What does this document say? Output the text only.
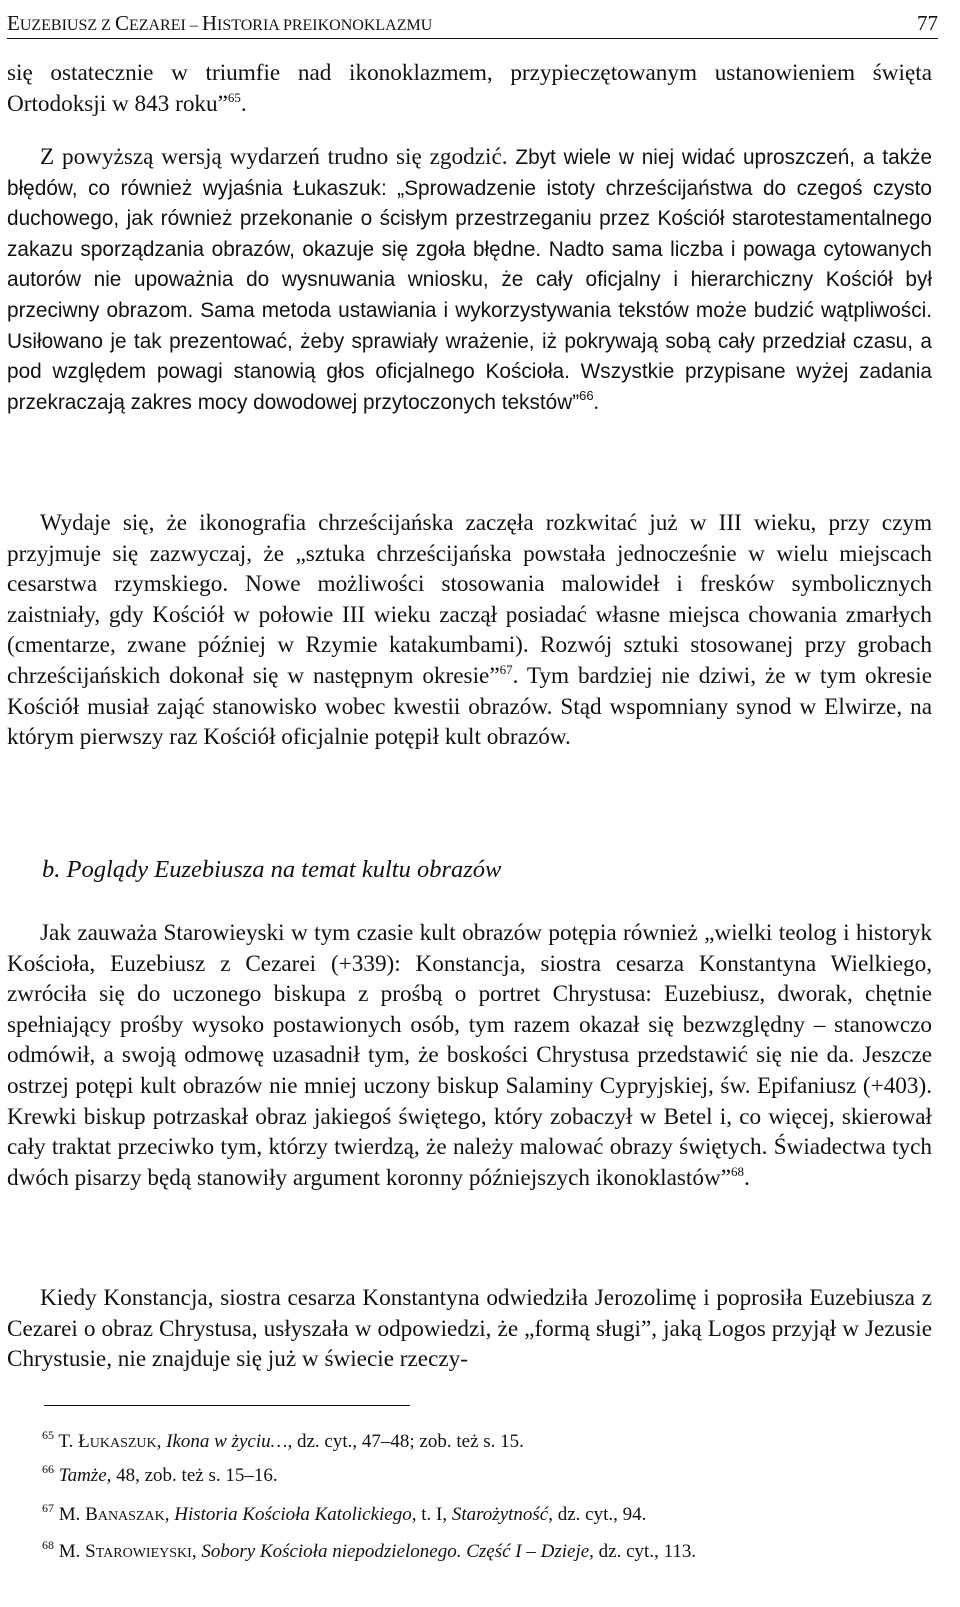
EUZEBIUSZ Z CEZAREI – HISTORIA PREIKONOKLAZMU	77

się ostatecznie w triumfie nad ikonoklazmem, przypieczętowanym ustanowieniem święta Ortodoksji w 843 roku”$^{65}$.

Z powyższą wersją wydarzeń trudno się zgodzić. Zbyt wiele w niej widać uproszczeń, a także błędów, co również wyjaśnia Łukaszuk: „Sprowadzenie istoty chrześcijaństwa do czegoś czysto duchowego, jak również przekonanie o ścisłym przestrzeganiu przez Kościół starotestamentalnego zakazu sporządzania obrazów, okazuje się zgoła błędne. Nadto sama liczba i powaga cytowanych autorów nie upoważnia do wysnuwania wniosku, że cały oficjalny i hierarchiczny Kościół był przeciwny obrazom. Sama metoda ustawiania i wykorzystywania tekstów może budzić wątpliwości. Usiłowano je tak prezentować, żeby sprawiały wrażenie, iż pokrywają sobą cały przedział czasu, a pod względem powagi stanowią głos oficjalnego Kościoła. Wszystkie przypisane wyżej zadania przekraczają zakres mocy dowodowej przytoczonych tekstów”$^{66}$.

Wydaje się, że ikonografia chrześcijańska zaczęła rozkwitać już w III wieku, przy czym przyjmuje się zazwyczaj, że „sztuka chrześcijańska powstała jednocześnie w wielu miejscach cesarstwa rzymskiego. Nowe możliwości stosowania malowideł i fresków symbolicznych zaistniały, gdy Kościół w połowie III wieku zaczął posiadać własne miejsca chowania zmarłych (cmentarze, zwane później w Rzymie katakumbami). Rozwój sztuki stosowanej przy grobach chrześcijańskich dokonał się w następnym okresie”$^{67}$. Tym bardziej nie dziwi, że w tym okresie Kościół musiał zająć stanowisko wobec kwestii obrazów. Stąd wspomniany synod w Elwirze, na którym pierwszy raz Kościół oficjalnie potępił kult obrazów.

b. Poglądy Euzebiusza na temat kultu obrazów

Jak zauważa Starowieyski w tym czasie kult obrazów potępia również „wielki teolog i historyk Kościoła, Euzebiusz z Cezarei (+339): Konstancja, siostra cesarza Konstantyna Wielkiego, zwróciła się do uczonego biskupa z prośbą o portret Chrystusa: Euzebiusz, dworak, chętnie spełniający prośby wysoko postawionych osób, tym razem okazał się bezwzględny – stanowczo odmówił, a swoją odmowę uzasadnił tym, że boskości Chrystusa przedstawić się nie da. Jeszcze ostrzej potępi kult obrazów nie mniej uczony biskup Salaminy Cypryjskiej, św. Epifaniusz (+403). Krewki biskup potrzaskał obraz jakiegoś świętego, który zobaczył w Betel i, co więcej, skierował cały traktat przeciwko tym, którzy twierdzą, że należy malować obrazy świętych. Świadectwa tych dwóch pisarzy będą stanowiły argument koronny późniejszych ikonoklastów”$^{68}$.

Kiedy Konstancja, siostra cesarza Konstantyna odwiedziła Jerozolimę i poprosiła Euzebiusza z Cezarei o obraz Chrystusa, usłyszała w odpowiedzi, że „formą sługi”, jaką Logos przyjął w Jezusie Chrystusie, nie znajduje się już w świecie rzeczy-

$^{65}$ T. ŁUKASZUK, Ikona w życiu…, dz. cyt., 47–48; zob. też s. 15.

$^{66}$ Tamże, 48, zob. też s. 15–16.

$^{67}$ M. BANASZAK, Historia Kościoła Katolickiego, t. I, Starożytność, dz. cyt., 94.

$^{68}$ M. STAROWIEYSKI, Sobory Kościoła niepodzielonego. Część I – Dzieje, dz. cyt., 113.
